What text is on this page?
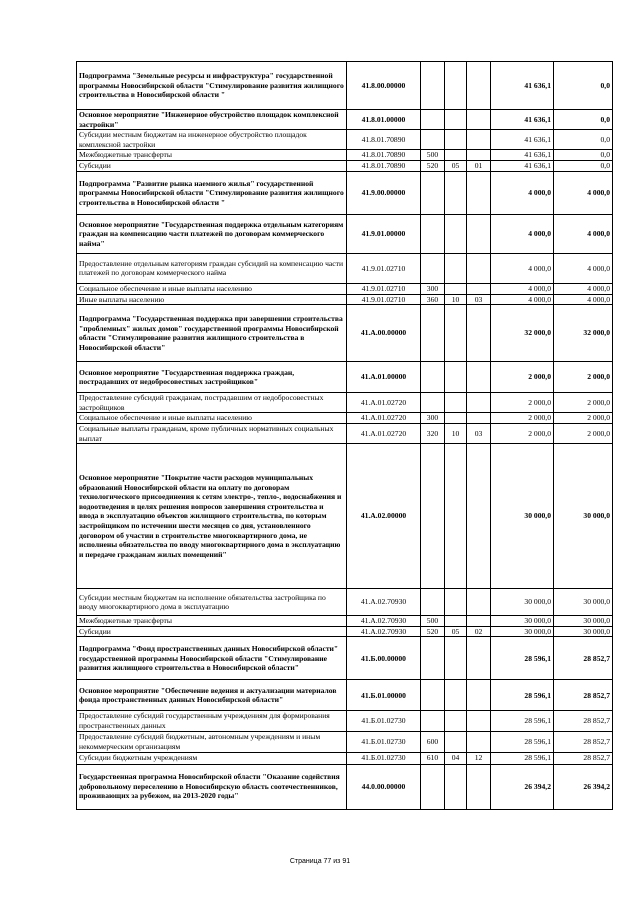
Подпрограмма "Земельные ресурсы и инфраструктура" государственной программы Новосибирской области "Стимулирование развития жилищного строительства в Новосибирской области "	41.8.00.00000				41 636,1	0,0
Основное мероприятие "Инженерное обустройство площадок комплексной застройки"	41.8.01.00000				41 636,1	0,0
Субсидии местным бюджетам на инженерное обустройство площадок комплексной застройки	41.8.01.70890				41 636,1	0,0
Межбюджетные трансферты	41.8.01.70890	500			41 636,1	0,0
Субсидии	41.8.01.70890	520	05	01	41 636,1	0,0
Подпрограмма "Развитие рынка наемного жилья" государственной программы Новосибирской области "Стимулирование развития жилищного строительства в Новосибирской области "	41.9.00.00000				4 000,0	4 000,0
Основное мероприятие "Государственная поддержка отдельным категориям граждан на компенсацию части платежей по договорам коммерческого найма"	41.9.01.00000				4 000,0	4 000,0
Предоставление отдельным категориям граждан субсидий на компенсацию части платежей по договорам коммерческого найма	41.9.01.02710				4 000,0	4 000,0
Социальное обеспечение и иные выплаты населению	41.9.01.02710	300			4 000,0	4 000,0
Иные выплаты населению	41.9.01.02710	360	10	03	4 000,0	4 000,0
Подпрограмма "Государственная поддержка при завершении строительства "проблемных" жилых домов" государственной программы Новосибирской области "Стимулирование развития жилищного строительства в Новосибирской области"	41.A.00.00000				32 000,0	32 000,0
Основное мероприятие "Государственная поддержка граждан, пострадавших от недобросовестных застройщиков"	41.A.01.00000				2 000,0	2 000,0
Предоставление субсидий гражданам, пострадавшим от недобросовестных застройщиков	41.A.01.02720				2 000,0	2 000,0
Социальное обеспечение и иные выплаты населению	41.A.01.02720	300			2 000,0	2 000,0
Социальные выплаты гражданам, кроме публичных нормативных социальных выплат	41.A.01.02720	320	10	03	2 000,0	2 000,0
Основное мероприятие "Покрытие части расходов муниципальных образований Новосибирской области на оплату по договорам технологического присоединения к сетям электро-, тепло-, водоснабжения и водоотведения в целях решения вопросов завершения строительства и ввода в эксплуатацию объектов жилищного строительства, по которым застройщиком по истечении шести месяцев со дня, установленного договором об участии в строительстве многоквартирного дома, не исполнены обязательства по вводу многоквартирного дома в эксплуатацию и передаче гражданам жилых помещений"	41.A.02.00000				30 000,0	30 000,0
Субсидии местным бюджетам на исполнение обязательства застройщика по вводу многоквартирного дома в эксплуатацию	41.A.02.70930				30 000,0	30 000,0
Межбюджетные трансферты	41.A.02.70930	500			30 000,0	30 000,0
Субсидии	41.A.02.70930	520	05	02	30 000,0	30 000,0
Подпрограмма "Фонд пространственных данных Новосибирской области" государственной программы Новосибирской области "Стимулирование развития жилищного строительства в Новосибирской области"	41.Б.00.00000				28 596,1	28 852,7
Основное мероприятие "Обеспечение ведения и актуализации материалов фонда пространственных данных Новосибирской области"	41.Б.01.00000				28 596,1	28 852,7
Предоставление субсидий государственным учреждениям для формирования пространственных данных	41.Б.01.02730				28 596,1	28 852,7
Предоставление субсидий бюджетным, автономным учреждениям и иным некоммерческим организациям	41.Б.01.02730	600			28 596,1	28 852,7
Субсидии бюджетным учреждениям	41.Б.01.02730	610	04	12	28 596,1	28 852,7
Государственная программа Новосибирской области "Оказание содействия добровольному переселению в Новосибирскую область соотечественников, проживающих за рубежом, на 2013-2020 годы"	44.0.00.00000				26 394,2	26 394,2
Страница 77 из 91
